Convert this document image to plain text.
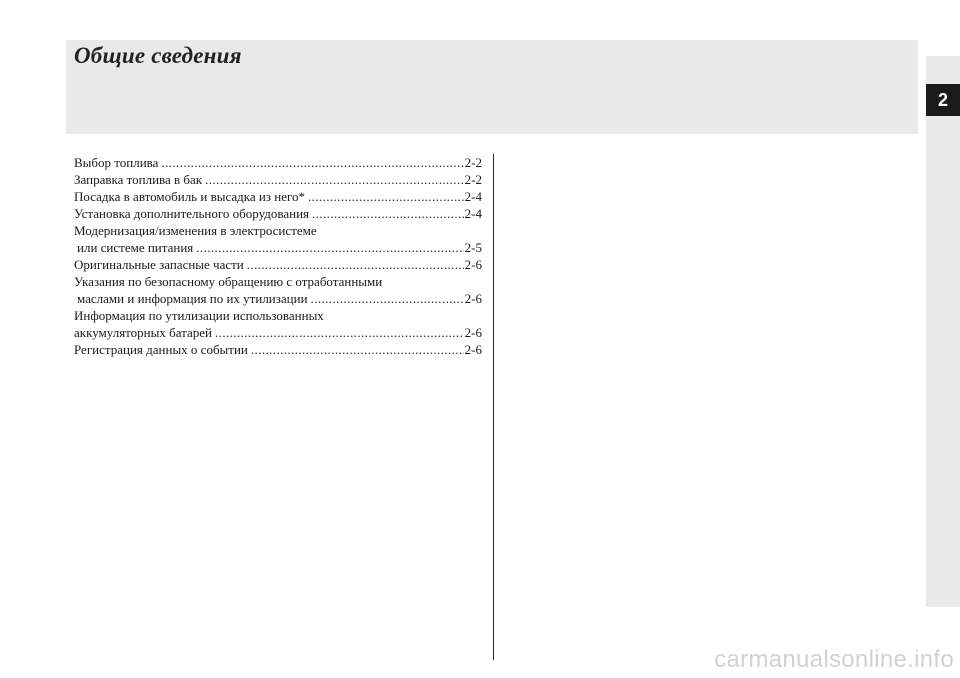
Общие сведения
2
Выбор топлива .....	2-2
Заправка топлива в бак .....	2-2
Посадка в автомобиль и высадка из него* .....	2-4
Установка дополнительного оборудования .....	2-4
Модернизация/изменения в электросистеме
или системе питания .....	2-5
Оригинальные запасные части .....	2-6
Указания по безопасному обращению с отработанными
маслами и информация по их утилизации .....	2-6
Информация по утилизации использованных
аккумуляторных батарей .....	2-6
Регистрация данных о событии .....	2-6
carmanualsonline.info
